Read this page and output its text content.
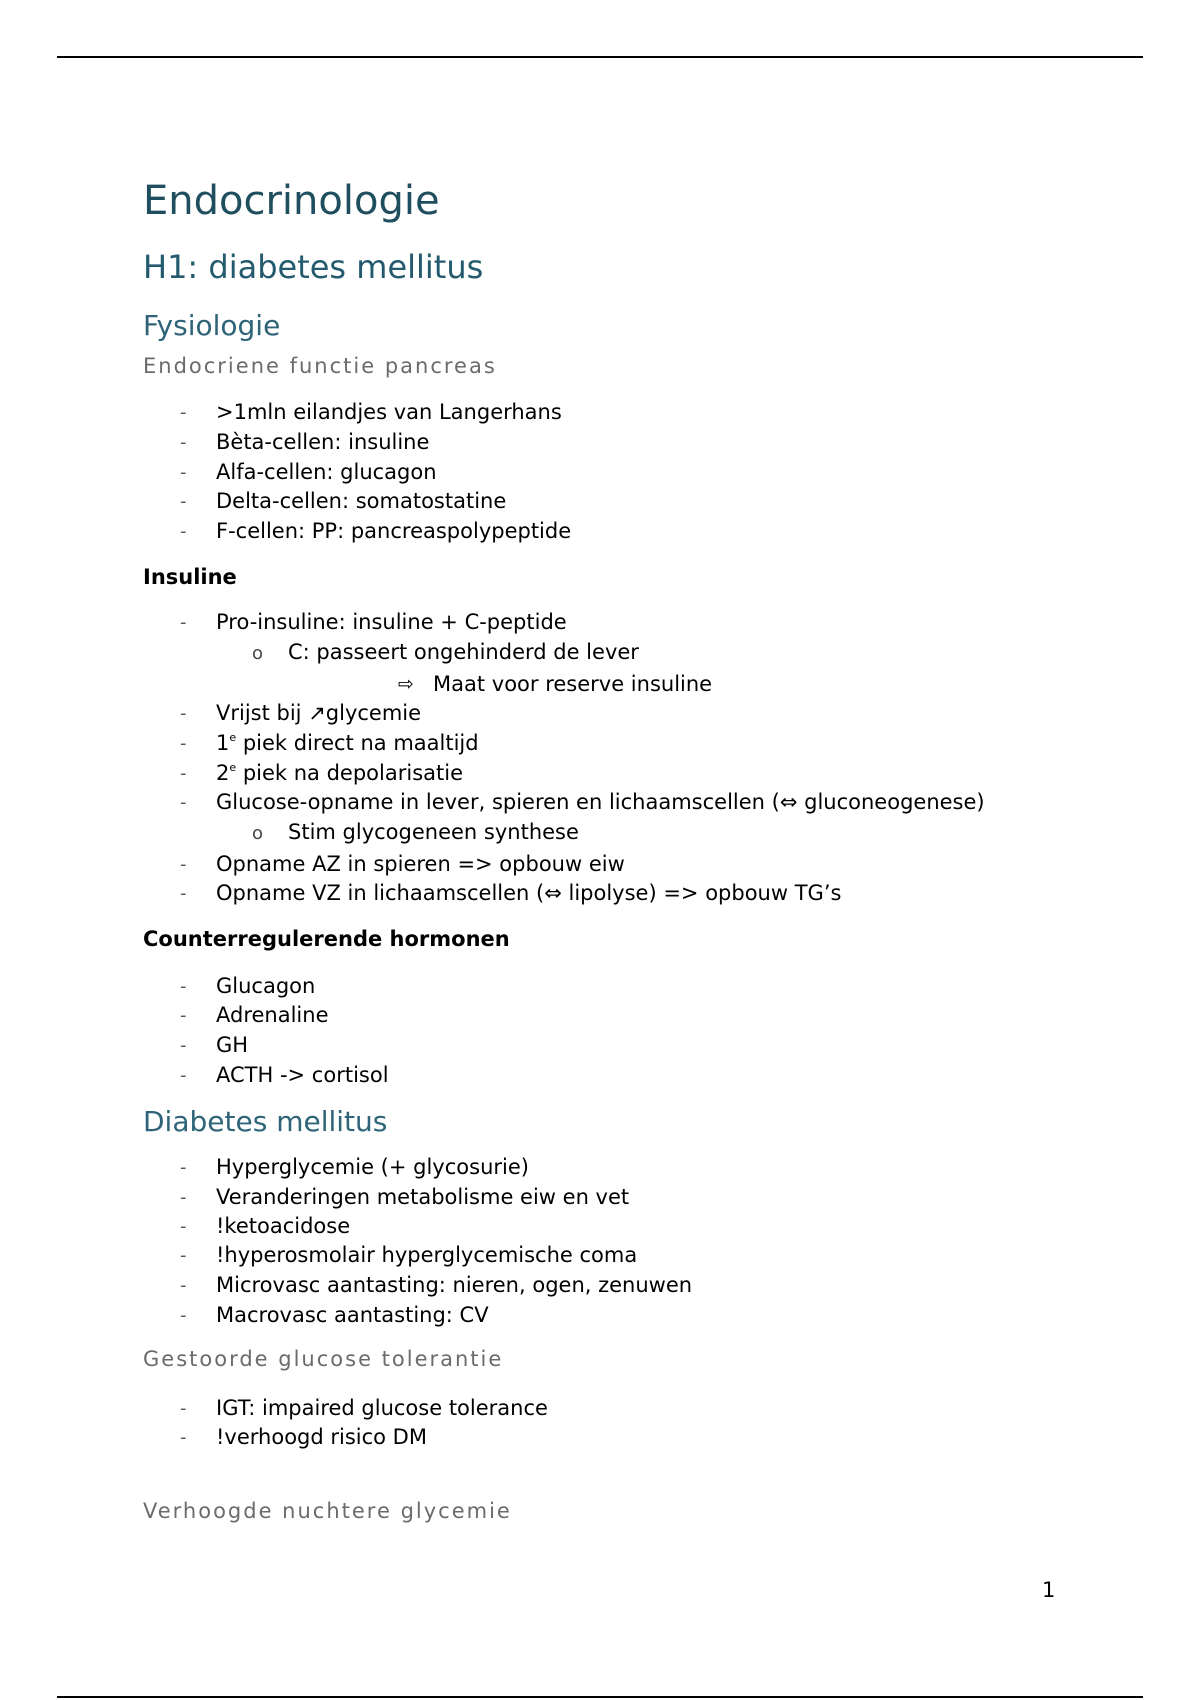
Endocrinologie
H1: diabetes mellitus
Fysiologie
Endocriene functie pancreas
- >1mln eilandjes van Langerhans
- Bèta-cellen: insuline
- Alfa-cellen: glucagon
- Delta-cellen: somatostatine
- F-cellen: PP: pancreaspolypeptide
Insuline
- Pro-insuline: insuline + C-peptide
o C: passeert ongehinderd de lever
⇨ Maat voor reserve insuline
- Vrijst bij ↗glycemie
- 1e piek direct na maaltijd
- 2e piek na depolarisatie
- Glucose-opname in lever, spieren en lichaamscellen (⇔ gluconeogenese)
o Stim glycogeneen synthese
- Opname AZ in spieren => opbouw eiw
- Opname VZ in lichaamscellen (⇔ lipolyse) => opbouw TG’s
Counterregulerende hormonen
- Glucagon
- Adrenaline
- GH
- ACTH -> cortisol
Diabetes mellitus
- Hyperglycemie (+ glycosurie)
- Veranderingen metabolisme eiw en vet
- !ketoacidose
- !hyperosmolair hyperglycemische coma
- Microvasc aantasting: nieren, ogen, zenuwen
- Macrovasc aantasting: CV
Gestoorde glucose tolerantie
- IGT: impaired glucose tolerance
- !verhoogd risico DM
Verhoogde nuchtere glycemie
1
